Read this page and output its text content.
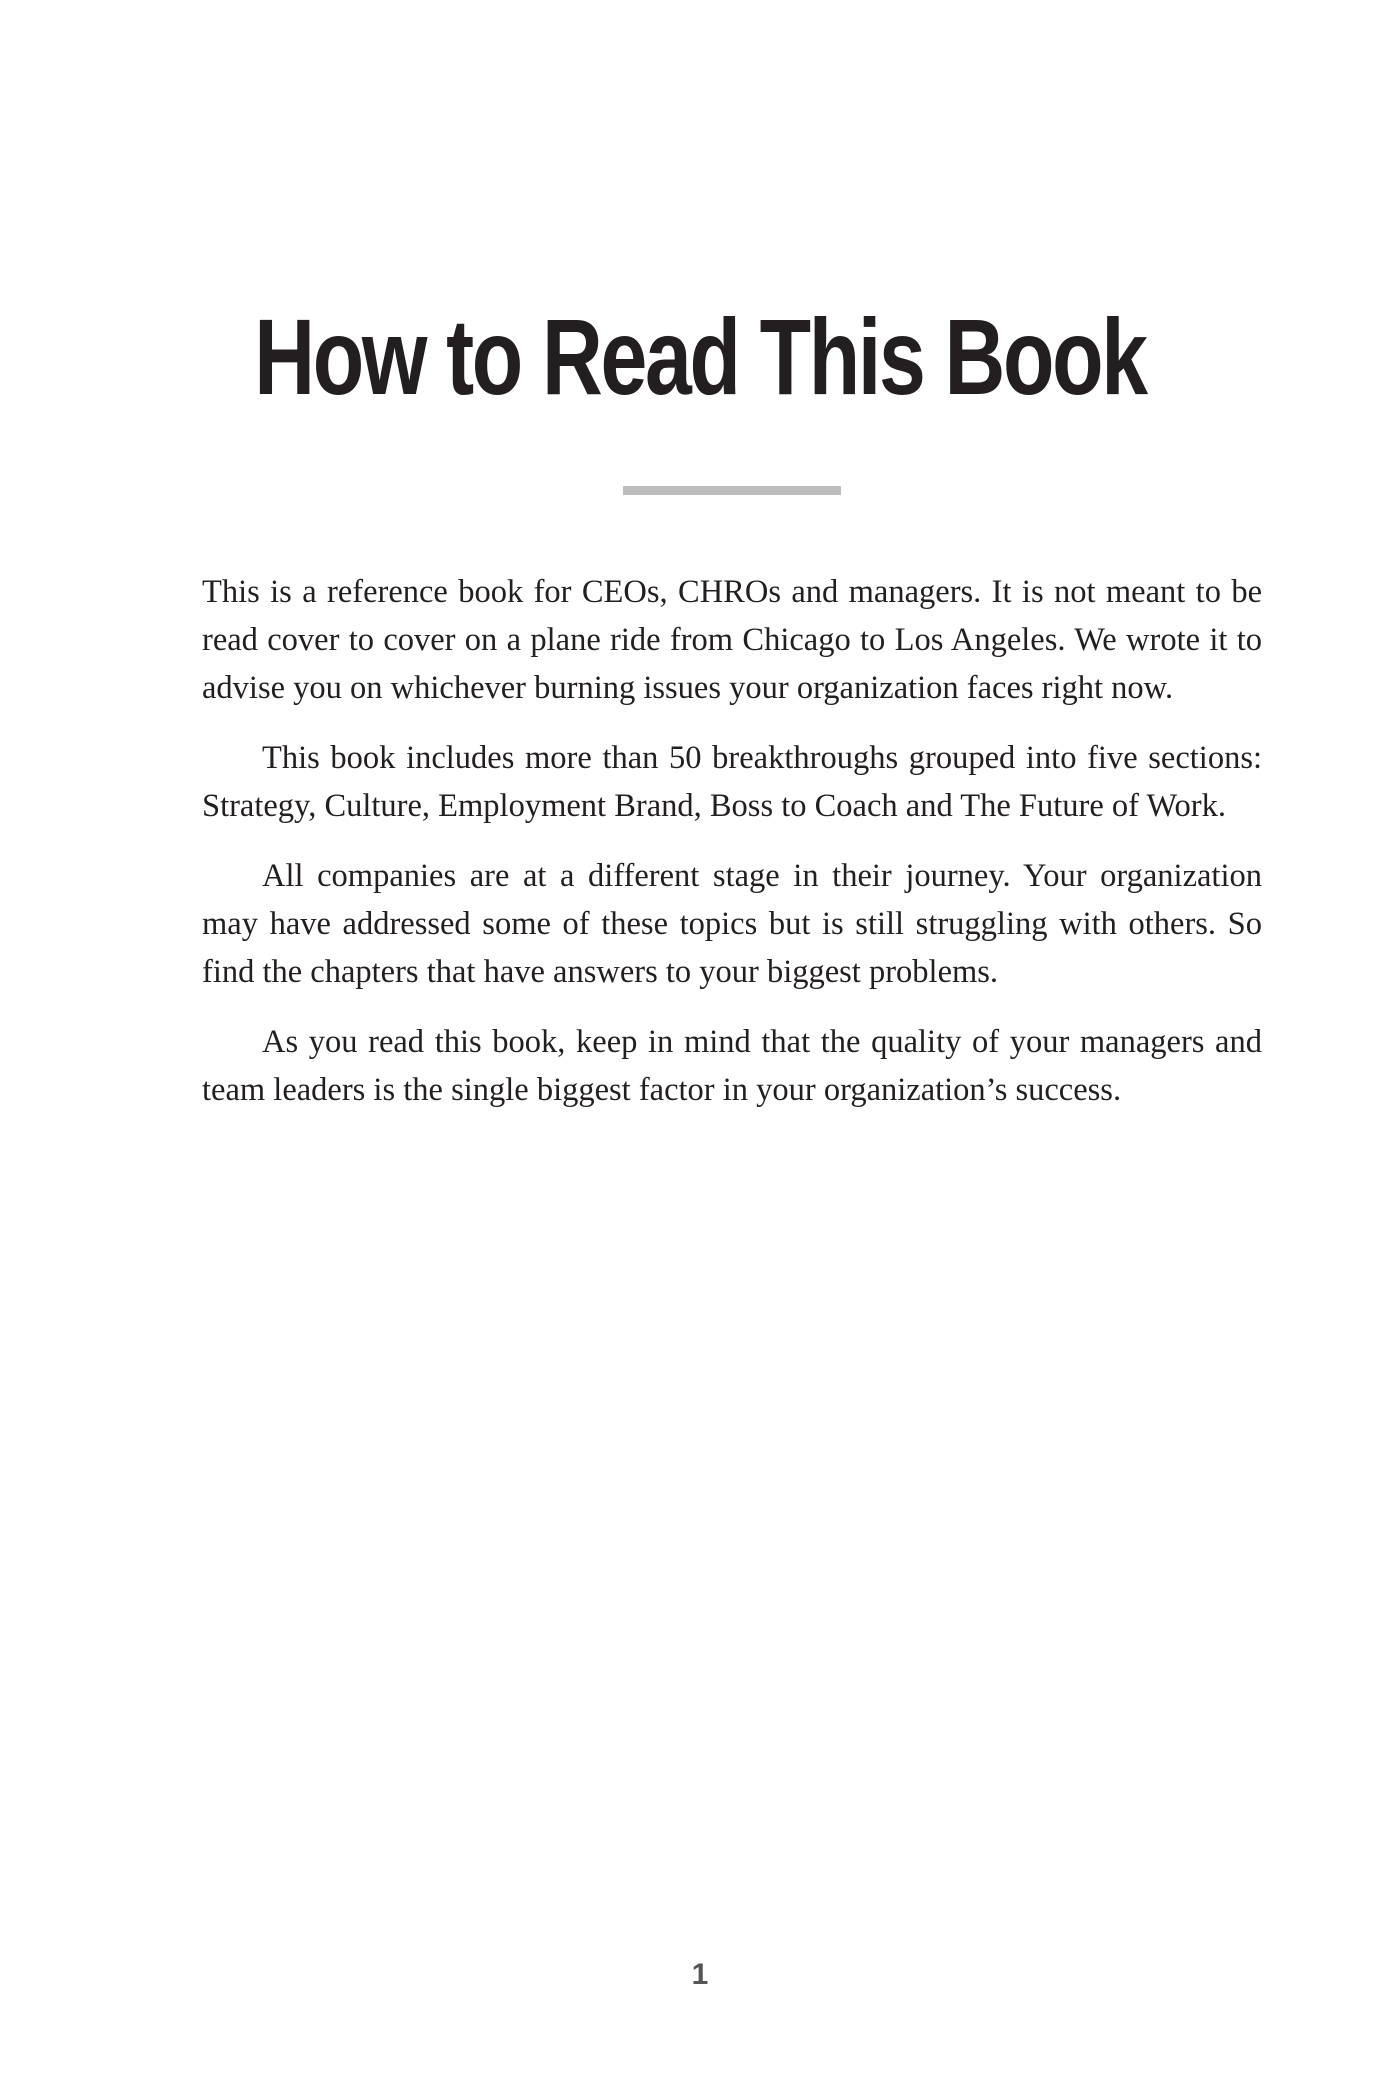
How to Read This Book

This is a reference book for CEOs, CHROs and managers. It is not meant to be read cover to cover on a plane ride from Chicago to Los Angeles. We wrote it to advise you on whichever burning issues your organization faces right now.

This book includes more than 50 breakthroughs grouped into five sections: Strategy, Culture, Employment Brand, Boss to Coach and The Future of Work.

All companies are at a different stage in their journey. Your organization may have addressed some of these topics but is still struggling with others. So find the chapters that have answers to your biggest problems.

As you read this book, keep in mind that the quality of your managers and team leaders is the single biggest factor in your organization’s success.

1
